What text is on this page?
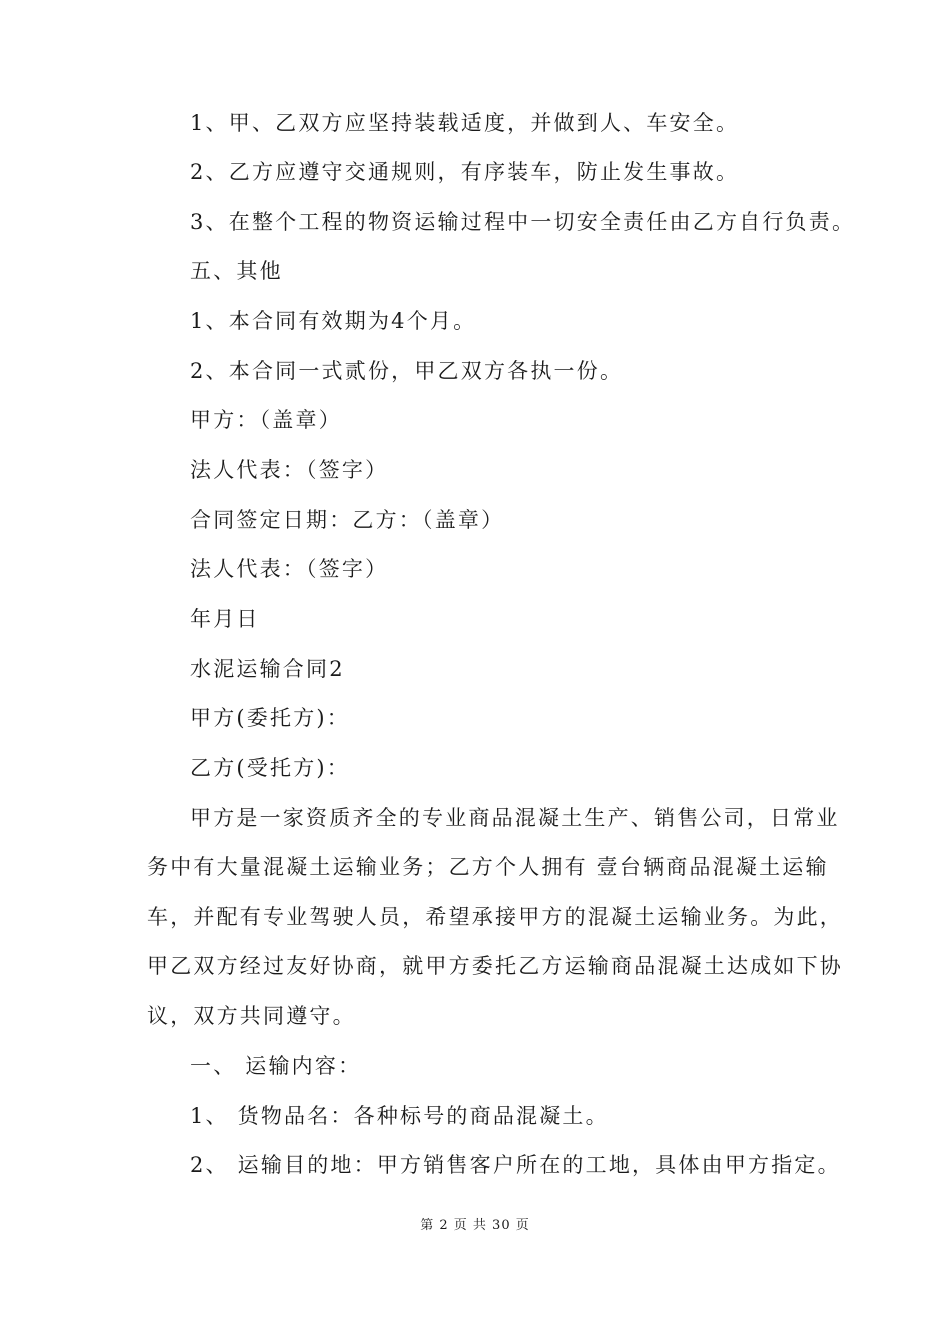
1、甲、乙双方应坚持装载适度，并做到人、车安全。
2、乙方应遵守交通规则，有序装车，防止发生事故。
3、在整个工程的物资运输过程中一切安全责任由乙方自行负责。
五、其他
1、本合同有效期为4个月。
2、本合同一式贰份，甲乙双方各执一份。
甲方：（盖章）
法人代表：（签字）
合同签定日期：乙方：（盖章）
法人代表：（签字）
年月日
水泥运输合同2
甲方(委托方)：
乙方(受托方)：
甲方是一家资质齐全的专业商品混凝土生产、销售公司，日常业
务中有大量混凝土运输业务；乙方个人拥有 壹台辆商品混凝土运输
车，并配有专业驾驶人员，希望承接甲方的混凝土运输业务。为此，
甲乙双方经过友好协商，就甲方委托乙方运输商品混凝土达成如下协
议，双方共同遵守。
一、 运输内容：
1、 货物品名：各种标号的商品混凝土。
2、 运输目的地：甲方销售客户所在的工地，具体由甲方指定。
第 2 页 共 30 页
